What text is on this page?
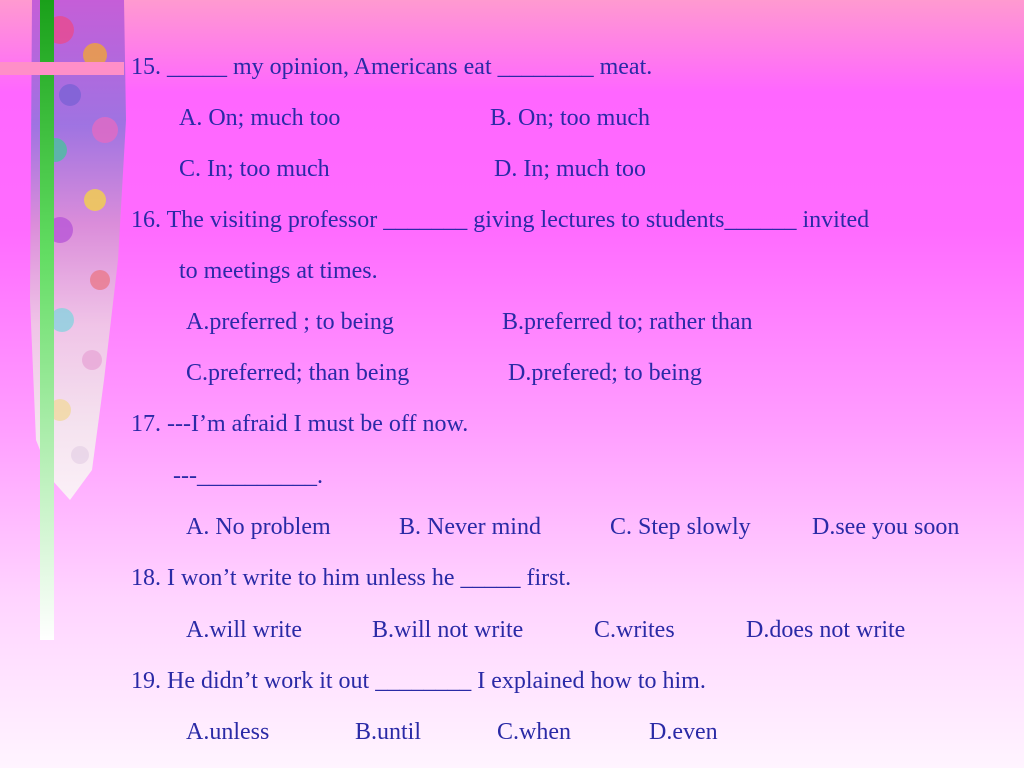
15. _____ my opinion, Americans eat ________ meat.
A. On; much too	B. On; too much
C. In; too much	D. In; much too
16. The visiting professor _______ giving lectures to students______ invited
to meetings at times.
A.preferred ; to being	B.preferred to; rather than
C.preferred; than being	D.prefered; to being
17. ---I’m afraid I must be off now.
---__________.
A. No problem	B. Never mind	C. Step slowly	D.see you soon
18. I won’t write to him unless he _____ first.
A.will write	B.will not write	C.writes	D.does not write
19. He didn’t work it out ________ I explained how to him.
A.unless	B.until	C.when	D.even
